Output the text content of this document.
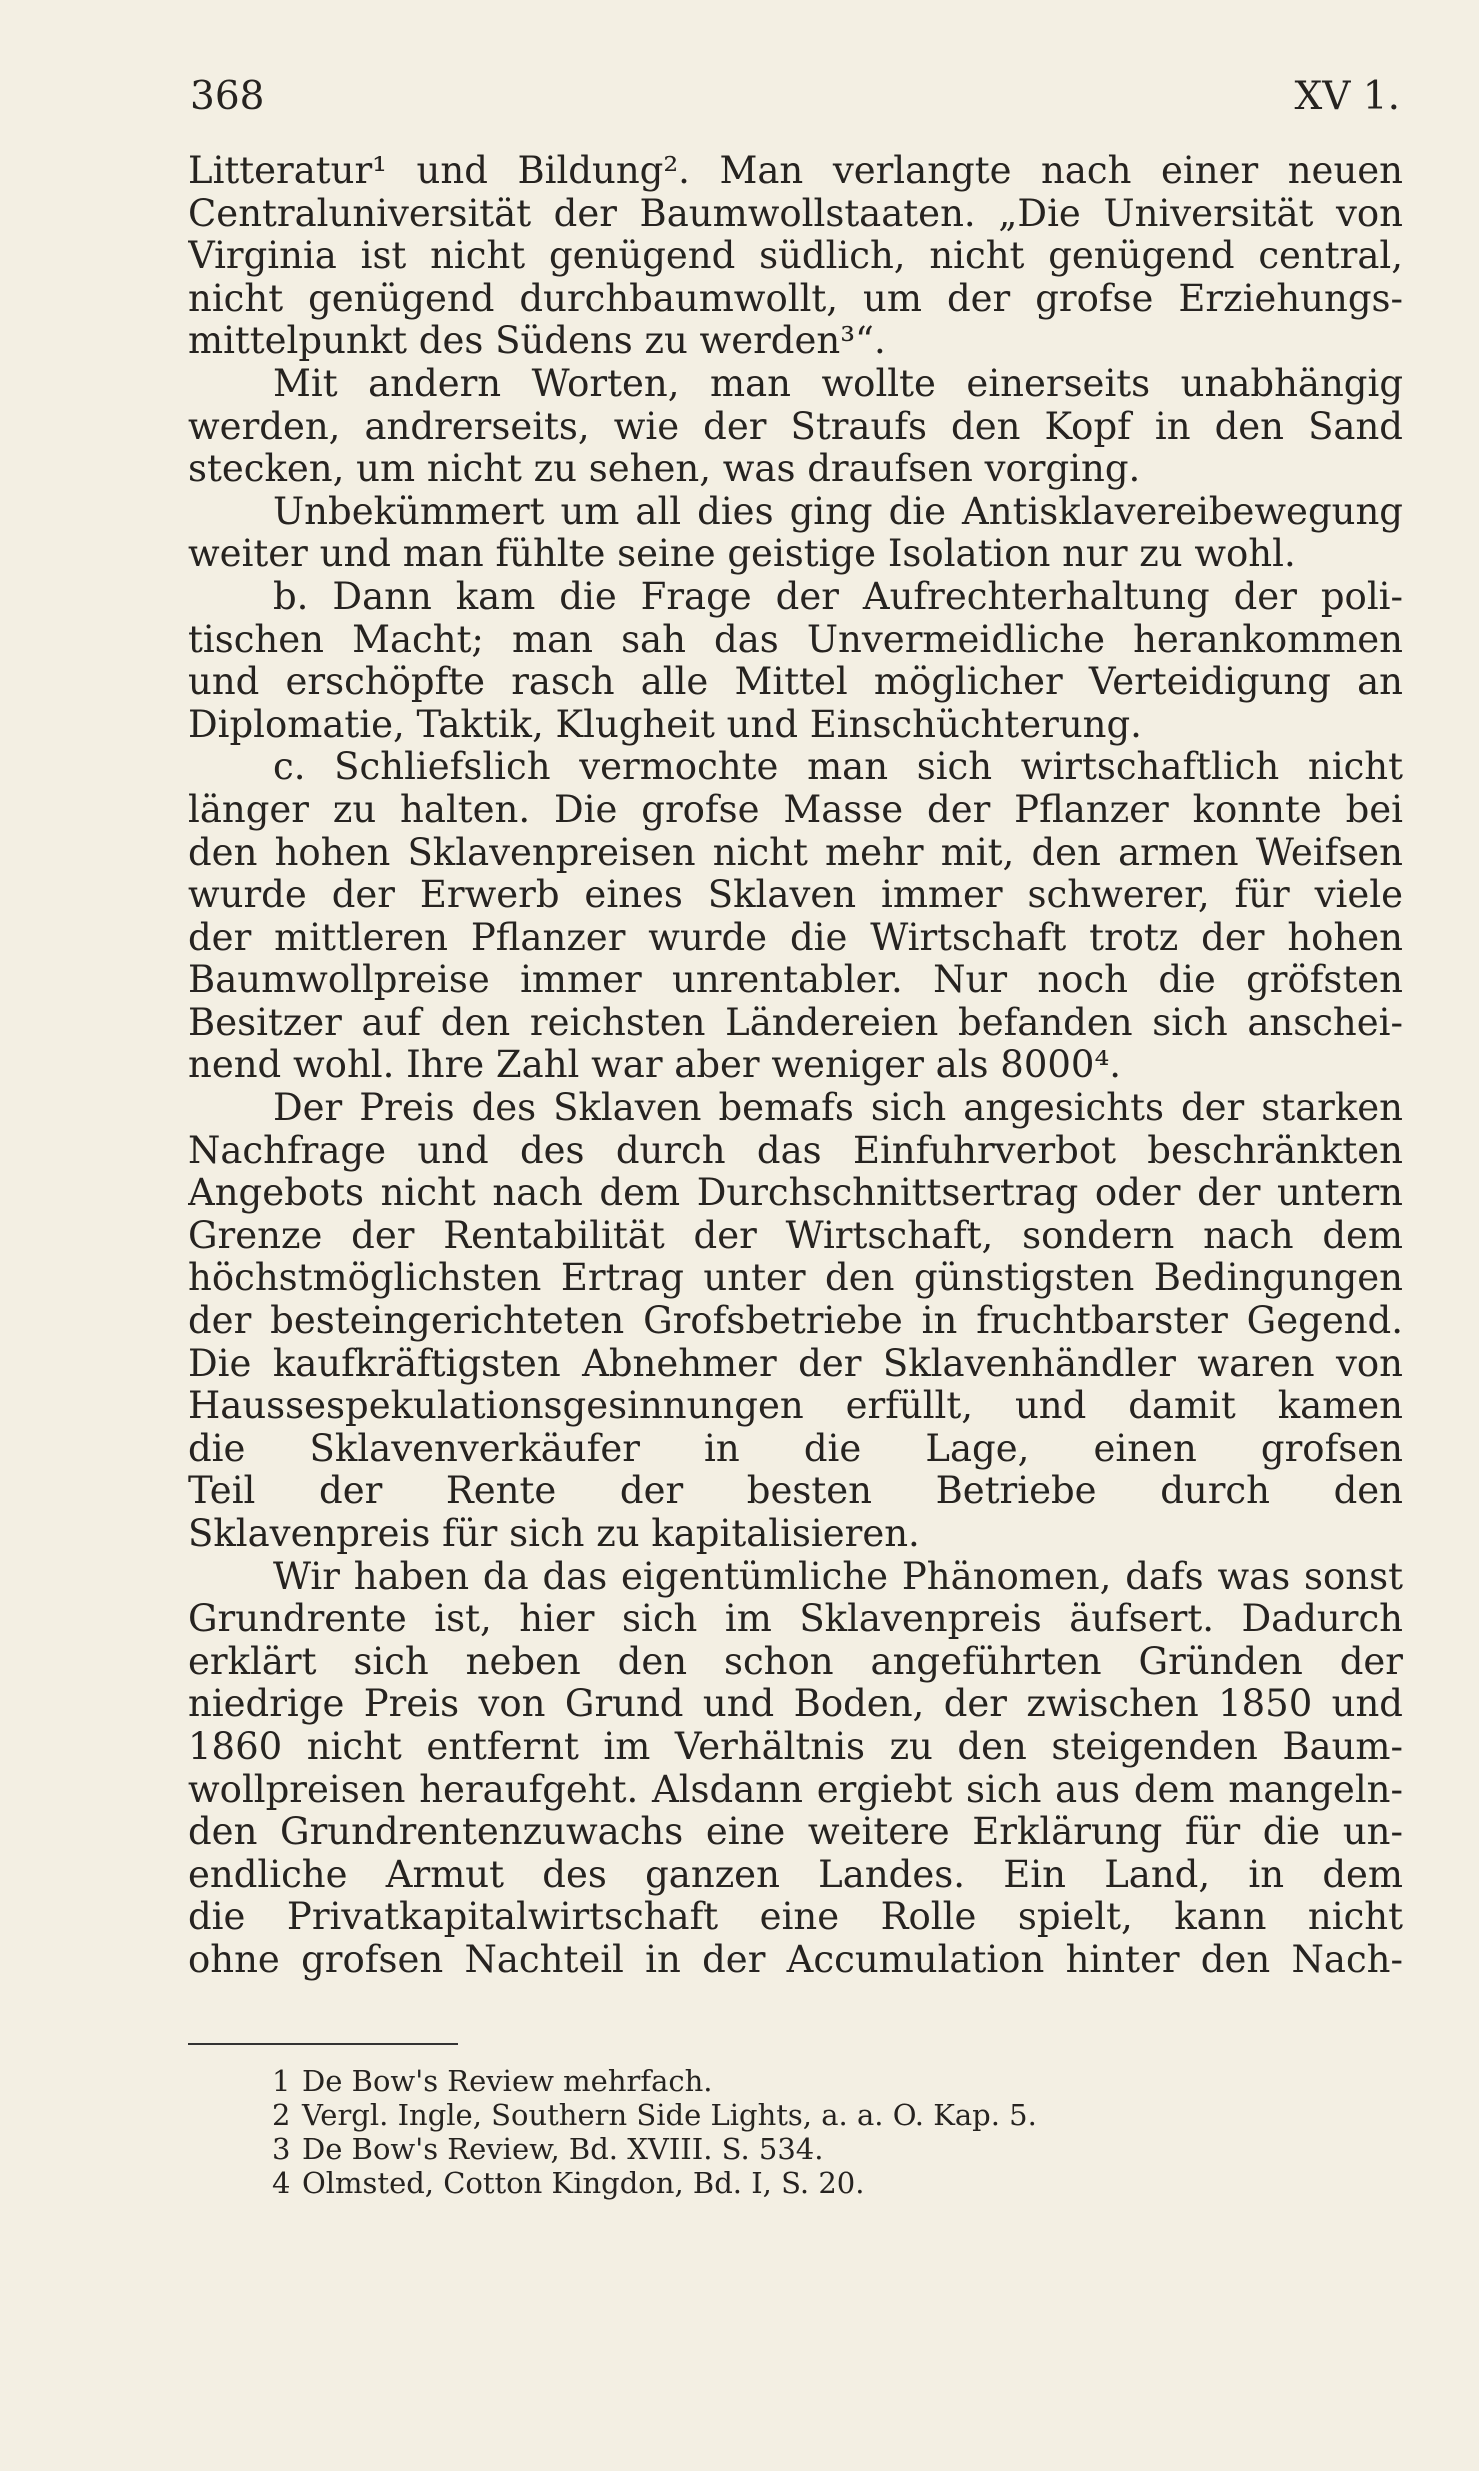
368	XV 1.
Litteratur¹ und Bildung². Man verlangte nach einer neuen
Centraluniversität der Baumwollstaaten. „Die Universität von
Virginia ist nicht genügend südlich, nicht genügend central,
nicht genügend durchbaumwollt, um der grofse Erziehungs-
mittelpunkt des Südens zu werden³“.
Mit andern Worten, man wollte einerseits unabhängig
werden, andrerseits, wie der Straufs den Kopf in den Sand
stecken, um nicht zu sehen, was draufsen vorging.
Unbekümmert um all dies ging die Antisklavereibewegung
weiter und man fühlte seine geistige Isolation nur zu wohl.
b. Dann kam die Frage der Aufrechterhaltung der poli-
tischen Macht; man sah das Unvermeidliche herankommen
und erschöpfte rasch alle Mittel möglicher Verteidigung an
Diplomatie, Taktik, Klugheit und Einschüchterung.
c. Schliefslich vermochte man sich wirtschaftlich nicht
länger zu halten. Die grofse Masse der Pflanzer konnte bei
den hohen Sklavenpreisen nicht mehr mit, den armen Weifsen
wurde der Erwerb eines Sklaven immer schwerer, für viele
der mittleren Pflanzer wurde die Wirtschaft trotz der hohen
Baumwollpreise immer unrentabler. Nur noch die gröfsten
Besitzer auf den reichsten Ländereien befanden sich anschei-
nend wohl. Ihre Zahl war aber weniger als 8000⁴.
Der Preis des Sklaven bemafs sich angesichts der starken
Nachfrage und des durch das Einfuhrverbot beschränkten
Angebots nicht nach dem Durchschnittsertrag oder der untern
Grenze der Rentabilität der Wirtschaft, sondern nach dem
höchstmöglichsten Ertrag unter den günstigsten Bedingungen
der besteingerichteten Grofsbetriebe in fruchtbarster Gegend.
Die kaufkräftigsten Abnehmer der Sklavenhändler waren von
Haussespekulationsgesinnungen erfüllt, und damit kamen
die Sklavenverkäufer in die Lage, einen grofsen
Teil der Rente der besten Betriebe durch den
Sklavenpreis für sich zu kapitalisieren.
Wir haben da das eigentümliche Phänomen, dafs was sonst
Grundrente ist, hier sich im Sklavenpreis äufsert. Dadurch
erklärt sich neben den schon angeführten Gründen der
niedrige Preis von Grund und Boden, der zwischen 1850 und
1860 nicht entfernt im Verhältnis zu den steigenden Baum-
wollpreisen heraufgeht. Alsdann ergiebt sich aus dem mangeln-
den Grundrentenzuwachs eine weitere Erklärung für die un-
endliche Armut des ganzen Landes. Ein Land, in dem
die Privatkapitalwirtschaft eine Rolle spielt, kann nicht
ohne grofsen Nachteil in der Accumulation hinter den Nach-
1 De Bow's Review mehrfach.
2 Vergl. Ingle, Southern Side Lights, a. a. O. Kap. 5.
3 De Bow's Review, Bd. XVIII. S. 534.
4 Olmsted, Cotton Kingdon, Bd. I, S. 20.
